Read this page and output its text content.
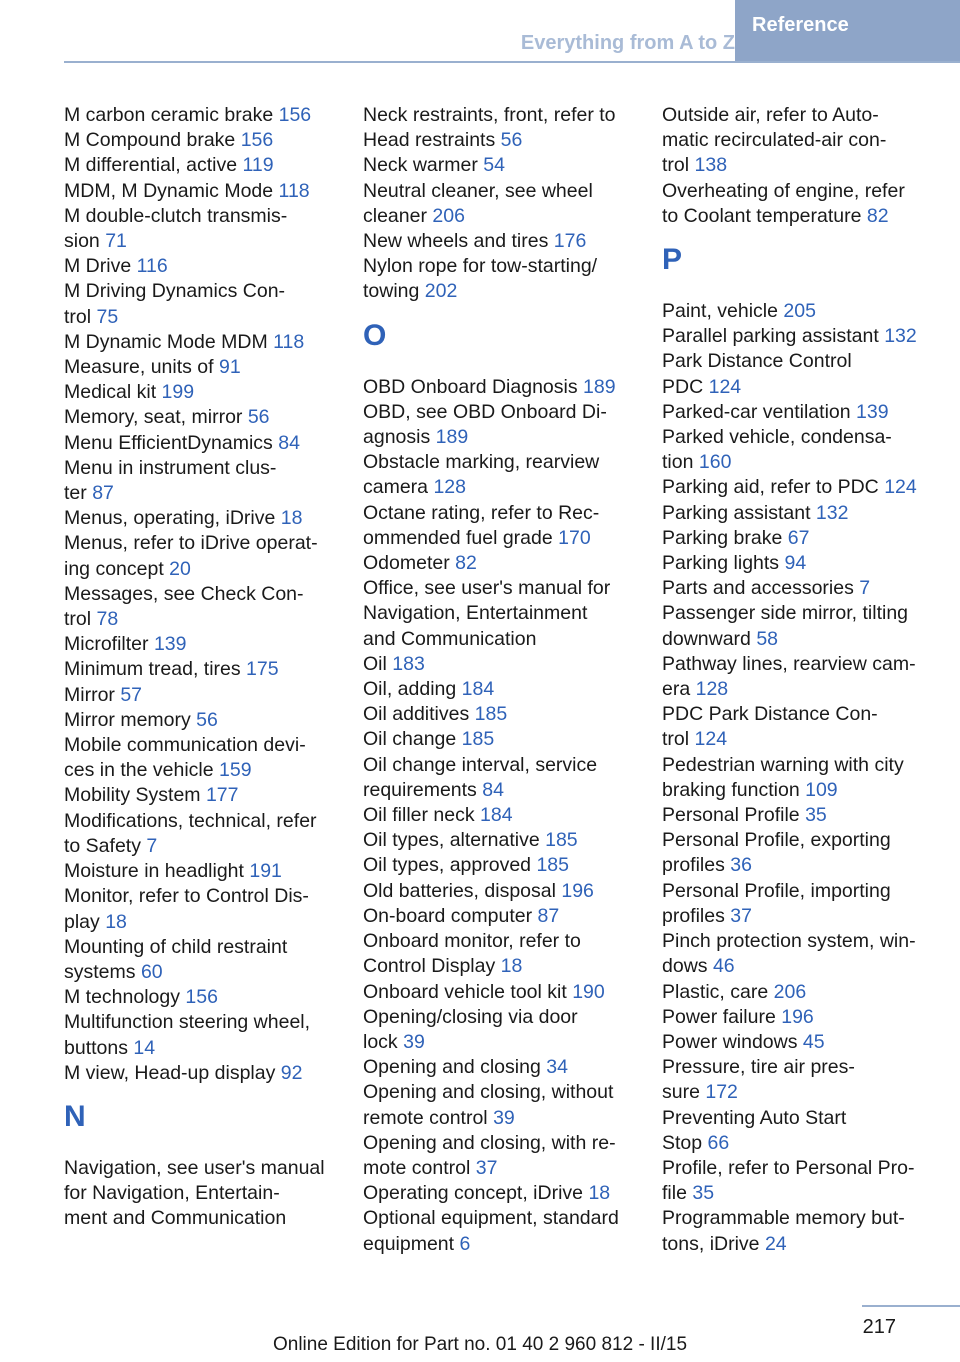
Everything from A to Z
Reference

M carbon ceramic brake 156

M Compound brake 156

M differential, active 119

MDM, M Dynamic Mode 118

M double-clutch transmis-
sion 71

M Drive 116

M Driving Dynamics Con-
trol 75

M Dynamic Mode MDM 118

Measure, units of 91

Medical kit 199

Memory, seat, mirror 56

Menu EfficientDynamics 84

Menu in instrument clus-
ter 87

Menus, operating, iDrive 18

Menus, refer to iDrive operat-
ing concept 20

Messages, see Check Con-
trol 78

Microfilter 139

Minimum tread, tires 175

Mirror 57

Mirror memory 56

Mobile communication devi-
ces in the vehicle 159

Mobility System 177

Modifications, technical, refer
to Safety 7

Moisture in headlight 191

Monitor, refer to Control Dis-
play 18

Mounting of child restraint
systems 60

M technology 156

Multifunction steering wheel,
buttons 14

M view, Head-up display 92

N

Navigation, see user's manual
for Navigation, Entertain-
ment and Communication

Neck restraints, front, refer to
Head restraints 56

Neck warmer 54

Neutral cleaner, see wheel
cleaner 206

New wheels and tires 176

Nylon rope for tow-starting/
towing 202

O

OBD Onboard Diagnosis 189

OBD, see OBD Onboard Di-
agnosis 189

Obstacle marking, rearview
camera 128

Octane rating, refer to Rec-
ommended fuel grade 170

Odometer 82

Office, see user's manual for
Navigation, Entertainment
and Communication

Oil 183

Oil, adding 184

Oil additives 185

Oil change 185

Oil change interval, service
requirements 84

Oil filler neck 184

Oil types, alternative 185

Oil types, approved 185

Old batteries, disposal 196

On-board computer 87

Onboard monitor, refer to
Control Display 18

Onboard vehicle tool kit 190

Opening/closing via door
lock 39

Opening and closing 34

Opening and closing, without
remote control 39

Opening and closing, with re-
mote control 37

Operating concept, iDrive 18

Optional equipment, standard
equipment 6

Outside air, refer to Auto-
matic recirculated-air con-
trol 138

Overheating of engine, refer
to Coolant temperature 82

P

Paint, vehicle 205

Parallel parking assistant 132

Park Distance Control
PDC 124

Parked-car ventilation 139

Parked vehicle, condensa-
tion 160

Parking aid, refer to PDC 124

Parking assistant 132

Parking brake 67

Parking lights 94

Parts and accessories 7

Passenger side mirror, tilting
downward 58

Pathway lines, rearview cam-
era 128

PDC Park Distance Con-
trol 124

Pedestrian warning with city
braking function 109

Personal Profile 35

Personal Profile, exporting
profiles 36

Personal Profile, importing
profiles 37

Pinch protection system, win-
dows 46

Plastic, care 206

Power failure 196

Power windows 45

Pressure, tire air pres-
sure 172

Preventing Auto Start
Stop 66

Profile, refer to Personal Pro-
file 35

Programmable memory but-
tons, iDrive 24

217
Online Edition for Part no. 01 40 2 960 812 - II/15
